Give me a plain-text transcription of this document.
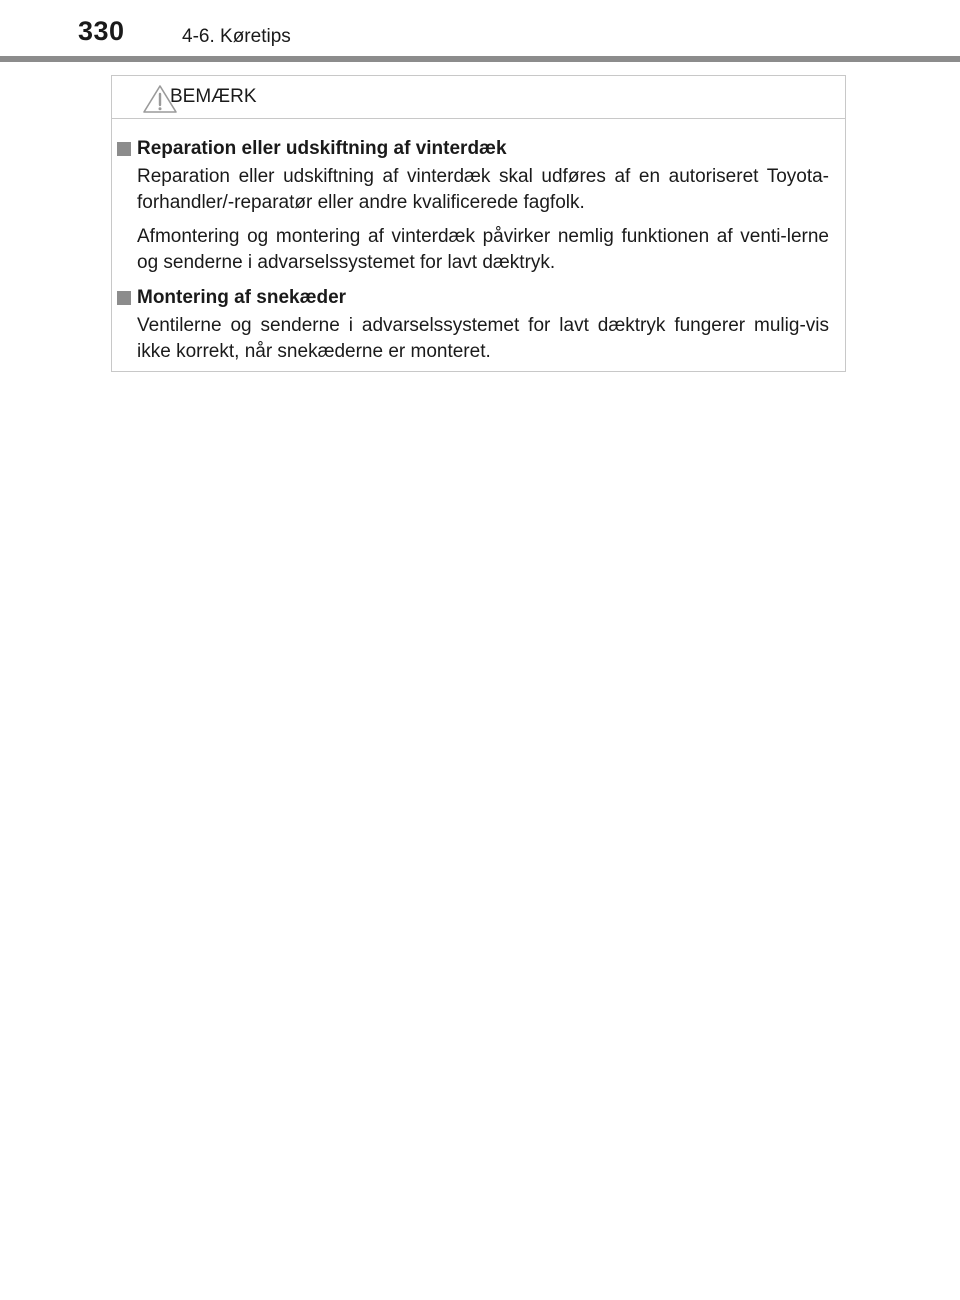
330	4-6. Køretips
BEMÆRK
Reparation eller udskiftning af vinterdæk

Reparation eller udskiftning af vinterdæk skal udføres af en autoriseret Toyota-forhandler/-reparatør eller andre kvalificerede fagfolk.

Afmontering og montering af vinterdæk påvirker nemlig funktionen af venti-lerne og senderne i advarselssystemet for lavt dæktryk.

Montering af snekæder

Ventilerne og senderne i advarselssystemet for lavt dæktryk fungerer mulig-vis ikke korrekt, når snekæderne er monteret.
